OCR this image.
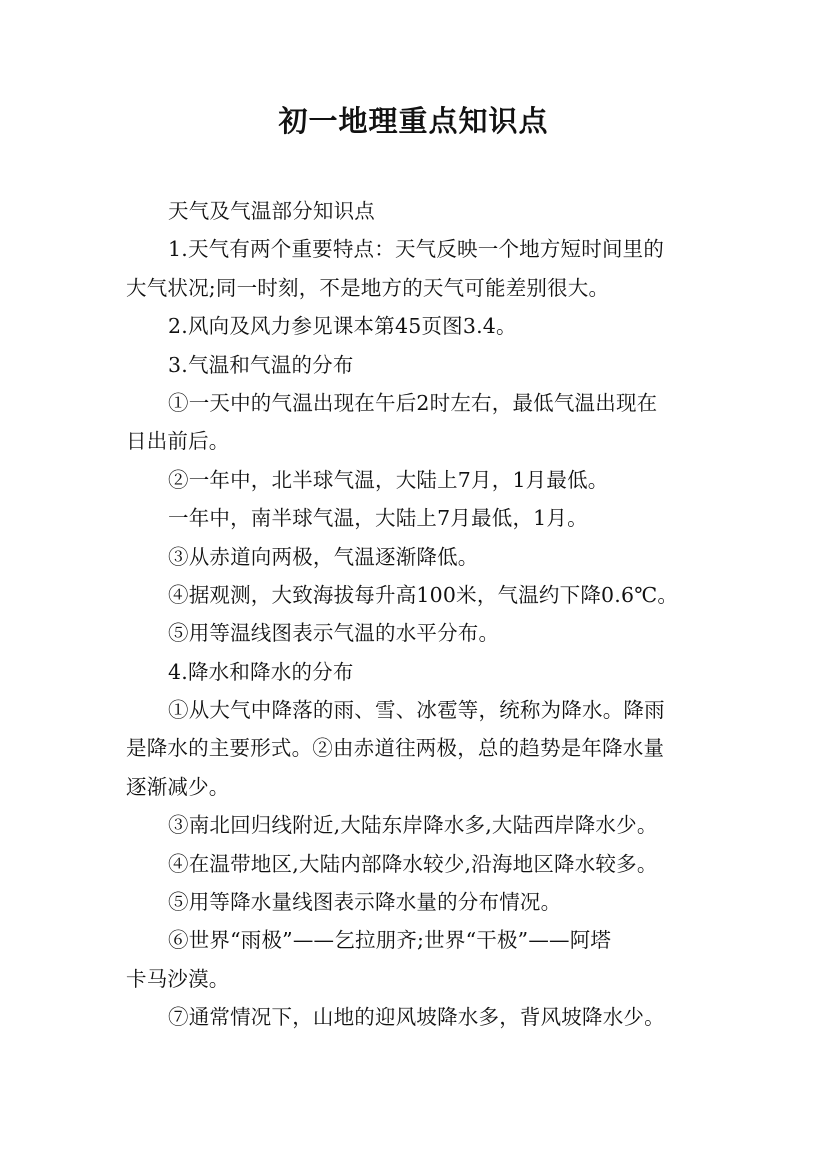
初一地理重点知识点
天气及气温部分知识点
1.天气有两个重要特点：天气反映一个地方短时间里的
大气状况;同一时刻，不是地方的天气可能差别很大。
2.风向及风力参见课本第45页图3.4。
3.气温和气温的分布
①一天中的气温出现在午后2时左右，最低气温出现在
日出前后。
②一年中，北半球气温，大陆上7月，1月最低。
一年中，南半球气温，大陆上7月最低，1月。
③从赤道向两极，气温逐渐降低。
④据观测，大致海拔每升高100米，气温约下降0.6℃。
⑤用等温线图表示气温的水平分布。
4.降水和降水的分布
①从大气中降落的雨、雪、冰雹等，统称为降水。降雨
是降水的主要形式。②由赤道往两极，总的趋势是年降水量
逐渐减少。
③南北回归线附近,大陆东岸降水多,大陆西岸降水少。
④在温带地区,大陆内部降水较少,沿海地区降水较多。
⑤用等降水量线图表示降水量的分布情况。
⑥世界“雨极”——乞拉朋齐;世界“干极”——阿塔
卡马沙漠。
⑦通常情况下，山地的迎风坡降水多，背风坡降水少。
